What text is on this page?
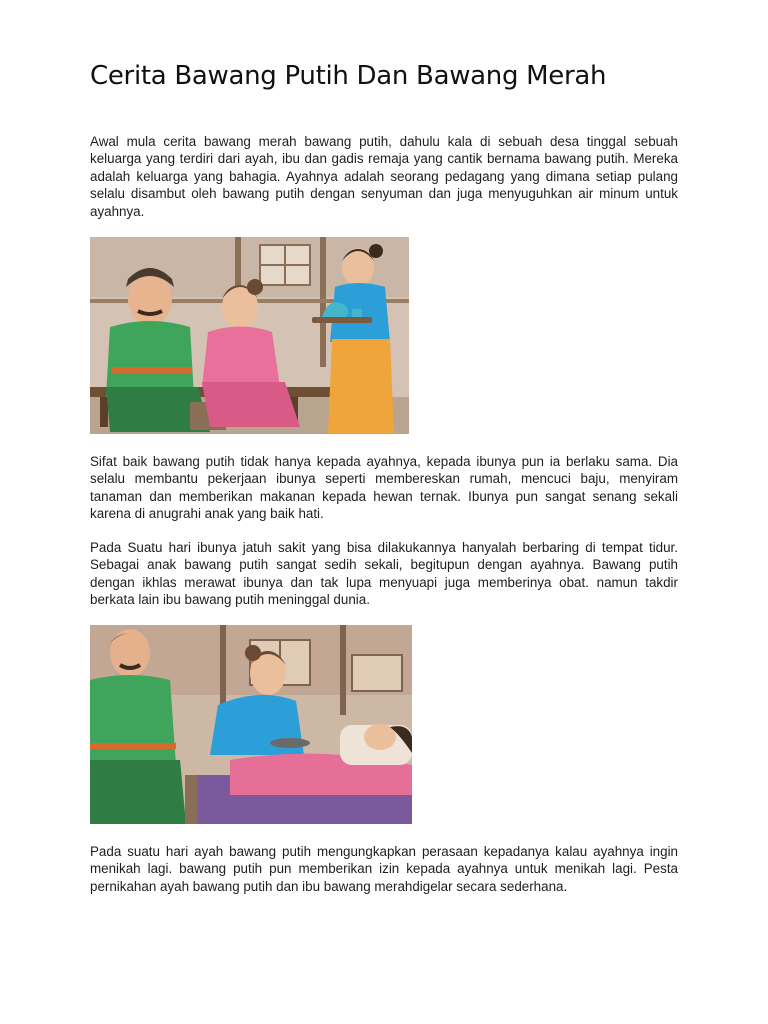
Cerita Bawang Putih Dan Bawang Merah

Awal mula cerita bawang merah bawang putih, dahulu kala di sebuah desa tinggal sebuah keluarga yang terdiri dari ayah, ibu dan gadis remaja yang cantik bernama bawang putih. Mereka adalah keluarga yang bahagia. Ayahnya adalah seorang pedagang yang dimana setiap pulang selalu disambut oleh bawang putih dengan senyuman dan juga menyuguhkan air minum untuk ayahnya.

Sifat baik bawang putih tidak hanya kepada ayahnya, kepada ibunya pun ia berlaku sama. Dia selalu membantu pekerjaan ibunya seperti membereskan rumah, mencuci baju, menyiram tanaman dan memberikan makanan kepada hewan ternak. Ibunya pun sangat senang sekali karena di anugrahi anak yang baik hati.

Pada Suatu hari ibunya jatuh sakit yang bisa dilakukannya hanyalah berbaring di tempat tidur. Sebagai anak bawang putih sangat sedih sekali, begitupun dengan ayahnya. Bawang putih dengan ikhlas merawat ibunya dan tak lupa menyuapi juga memberinya obat. namun takdir berkata lain ibu bawang putih meninggal dunia.

Pada suatu hari ayah bawang putih mengungkapkan perasaan kepadanya kalau ayahnya ingin menikah lagi. bawang putih pun memberikan izin kepada ayahnya untuk menikah lagi. Pesta pernikahan ayah bawang putih dan ibu bawang merahdigelar secara sederhana.
